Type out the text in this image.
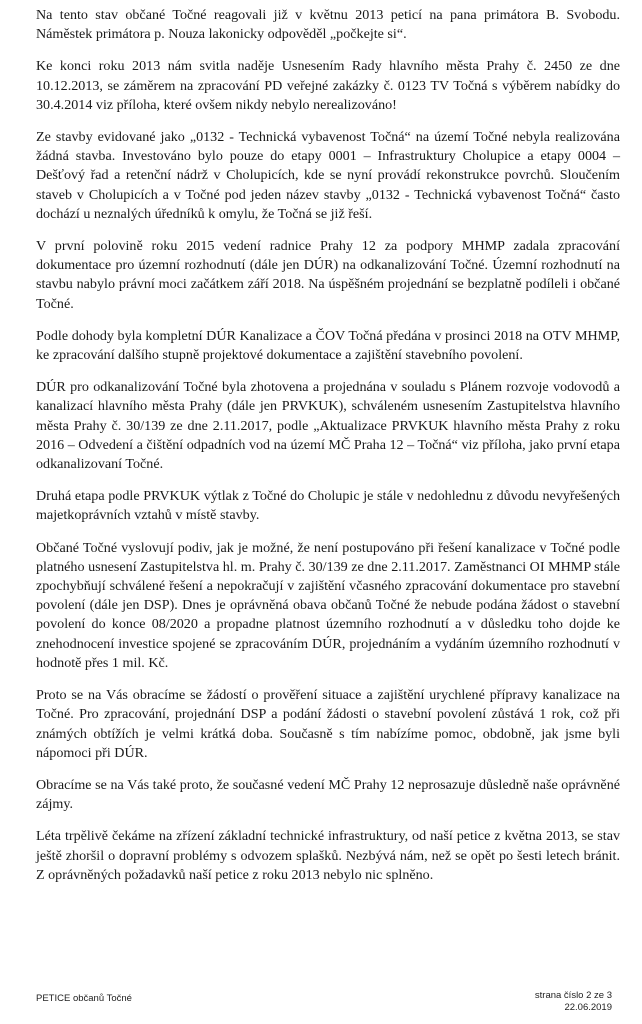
Na tento stav občané Točné reagovali již v květnu 2013 peticí na pana primátora B. Svobodu. Náměstek primátora p. Nouza lakonicky odpověděl „počkejte si“.

Ke konci roku 2013 nám svitla naděje Usnesením Rady hlavního města Prahy č. 2450 ze dne 10.12.2013, se záměrem na zpracování PD veřejné zakázky č. 0123 TV Točná s výběrem nabídky do 30.4.2014 viz příloha, které ovšem nikdy nebylo nerealizováno!

Ze stavby evidované jako „0132 - Technická vybavenost Točná“ na území Točné nebyla realizována žádná stavba. Investováno bylo pouze do etapy 0001 – Infrastruktury Cholupice a etapy 0004 – Dešťový řad a retenční nádrž v Cholupicích, kde se nyní provádí rekonstrukce povrchů. Sloučením staveb v Cholupicích a v Točné pod jeden název stavby „0132 - Technická vybavenost Točná“ často dochází u neznalých úředníků k omylu, že Točná se již řeší.

V první polovině roku 2015 vedení radnice Prahy 12 za podpory MHMP zadala zpracování dokumentace pro územní rozhodnutí (dále jen DÚR) na odkanalizování Točné. Územní rozhodnutí na stavbu nabylo právní moci začátkem září 2018. Na úspěšném projednání se bezplatně podíleli i občané Točné.

Podle dohody byla kompletní DÚR Kanalizace a ČOV Točná předána v prosinci 2018 na OTV MHMP, ke zpracování dalšího stupně projektové dokumentace a zajištění stavebního povolení.

DÚR pro odkanalizování Točné byla zhotovena a projednána v souladu s Plánem rozvoje vodovodů a kanalizací hlavního města Prahy (dále jen PRVKUK), schváleném usnesením Zastupitelstva hlavního města Prahy č. 30/139 ze dne 2.11.2017, podle „Aktualizace PRVKUK hlavního města Prahy z roku 2016 – Odvedení a čištění odpadních vod na území MČ Praha 12 – Točná“ viz příloha, jako první etapa odkanalizovaní Točné.

Druhá etapa podle PRVKUK výtlak z Točné do Cholupic je stále v nedohlednu z důvodu nevyřešených majetkoprávních vztahů v místě stavby.

Občané Točné vyslovují podiv, jak je možné, že není postupováno při řešení kanalizace v Točné podle platného usnesení Zastupitelstva hl. m. Prahy č. 30/139 ze dne 2.11.2017. Zaměstnanci OI MHMP stále zpochybňují schválené řešení a nepokračují v zajištění včasného zpracování dokumentace pro stavební povolení (dále jen DSP). Dnes je oprávněná obava občanů Točné že nebude podána žádost o stavební povolení do konce 08/2020 a propadne platnost územního rozhodnutí a v důsledku toho dojde ke znehodnocení investice spojené se zpracováním DÚR, projednáním a vydáním územního rozhodnutí v hodnotě přes 1 mil. Kč.

Proto se na Vás obracíme se žádostí o prověření situace a zajištění urychlené přípravy kanalizace na Točné. Pro zpracování, projednání DSP a podání žádosti o stavební povolení zůstává 1 rok, což při známých obtížích je velmi krátká doba. Současně s tím nabízíme pomoc, obdobně, jak jsme byli nápomoci při DÚR.

Obracíme se na Vás také proto, že současné vedení MČ Prahy 12 neprosazuje důsledně naše oprávněné zájmy.

Léta trpělivě čekáme na zřízení základní technické infrastruktury, od naší petice z května 2013, se stav ještě zhoršil o dopravní problémy s odvozem splašků. Nezbývá nám, než se opět po šesti letech bránit. Z oprávněných požadavků naší petice z roku 2013 nebylo nic splněno.

PETICE občanů Točné	strana číslo 2 ze 3
22.06.2019
